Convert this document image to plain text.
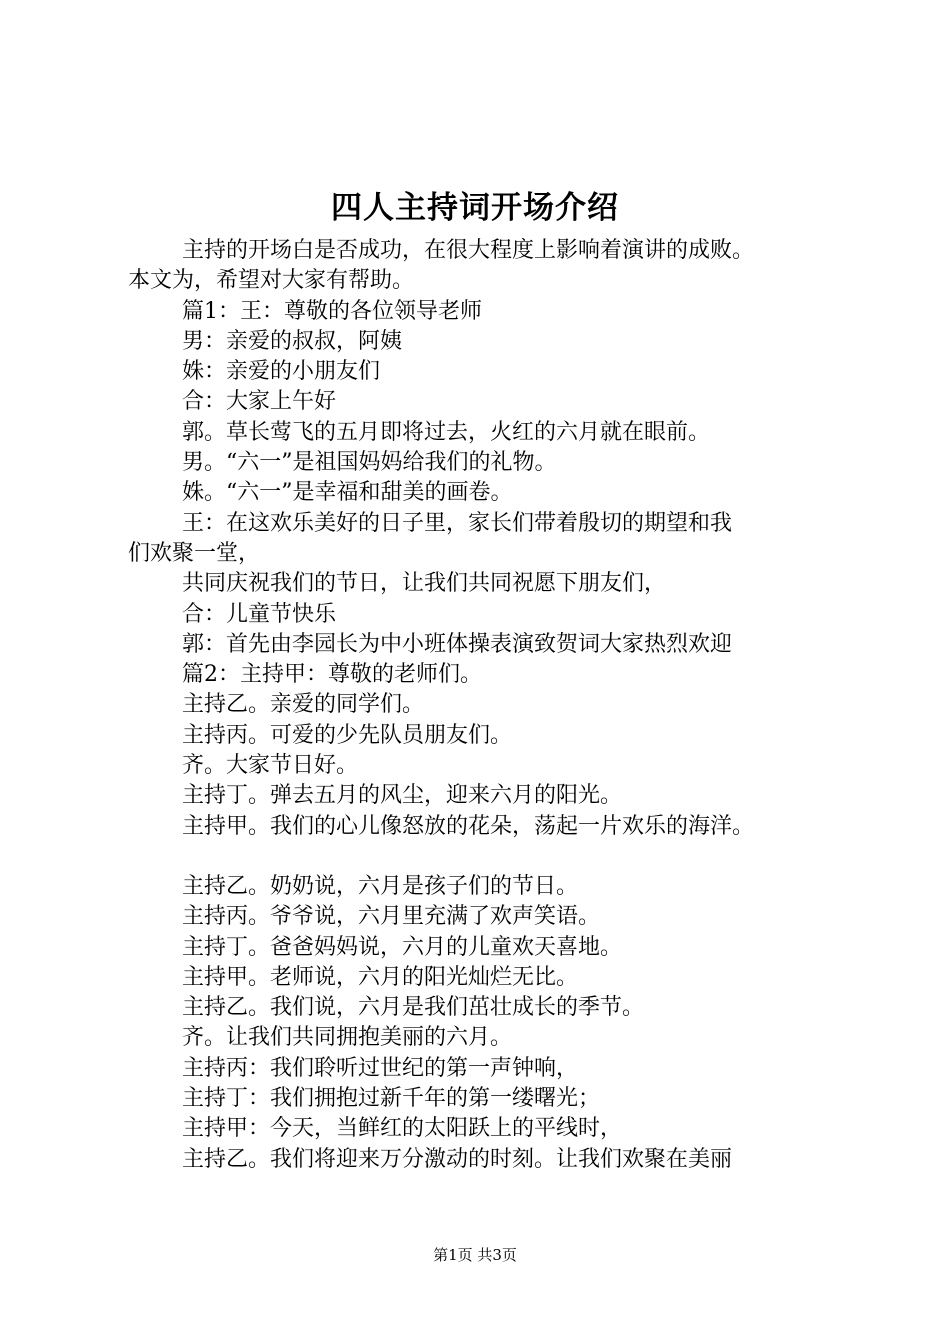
四人主持词开场介绍
主持的开场白是否成功，在很大程度上影响着演讲的成败。
本文为，希望对大家有帮助。
篇1：王：尊敬的各位领导老师
男：亲爱的叔叔，阿姨
姝：亲爱的小朋友们
合：大家上午好
郭。草长莺飞的五月即将过去，火红的六月就在眼前。
男。“六一”是祖国妈妈给我们的礼物。
姝。“六一”是幸福和甜美的画卷。
王：在这欢乐美好的日子里，家长们带着殷切的期望和我
们欢聚一堂，
共同庆祝我们的节日，让我们共同祝愿下朋友们，
合：儿童节快乐
郭：首先由李园长为中小班体操表演致贺词大家热烈欢迎
篇2：主持甲：尊敬的老师们。
主持乙。亲爱的同学们。
主持丙。可爱的少先队员朋友们。
齐。大家节日好。
主持丁。弹去五月的风尘，迎来六月的阳光。
主持甲。我们的心儿像怒放的花朵，荡起一片欢乐的海洋。
主持乙。奶奶说，六月是孩子们的节日。
主持丙。爷爷说，六月里充满了欢声笑语。
主持丁。爸爸妈妈说，六月的儿童欢天喜地。
主持甲。老师说，六月的阳光灿烂无比。
主持乙。我们说，六月是我们茁壮成长的季节。
齐。让我们共同拥抱美丽的六月。
主持丙：我们聆听过世纪的第一声钟响，
主持丁：我们拥抱过新千年的第一缕曙光；
主持甲：今天，当鲜红的太阳跃上的平线时，
主持乙。我们将迎来万分激动的时刻。让我们欢聚在美丽
第1页 共3页
